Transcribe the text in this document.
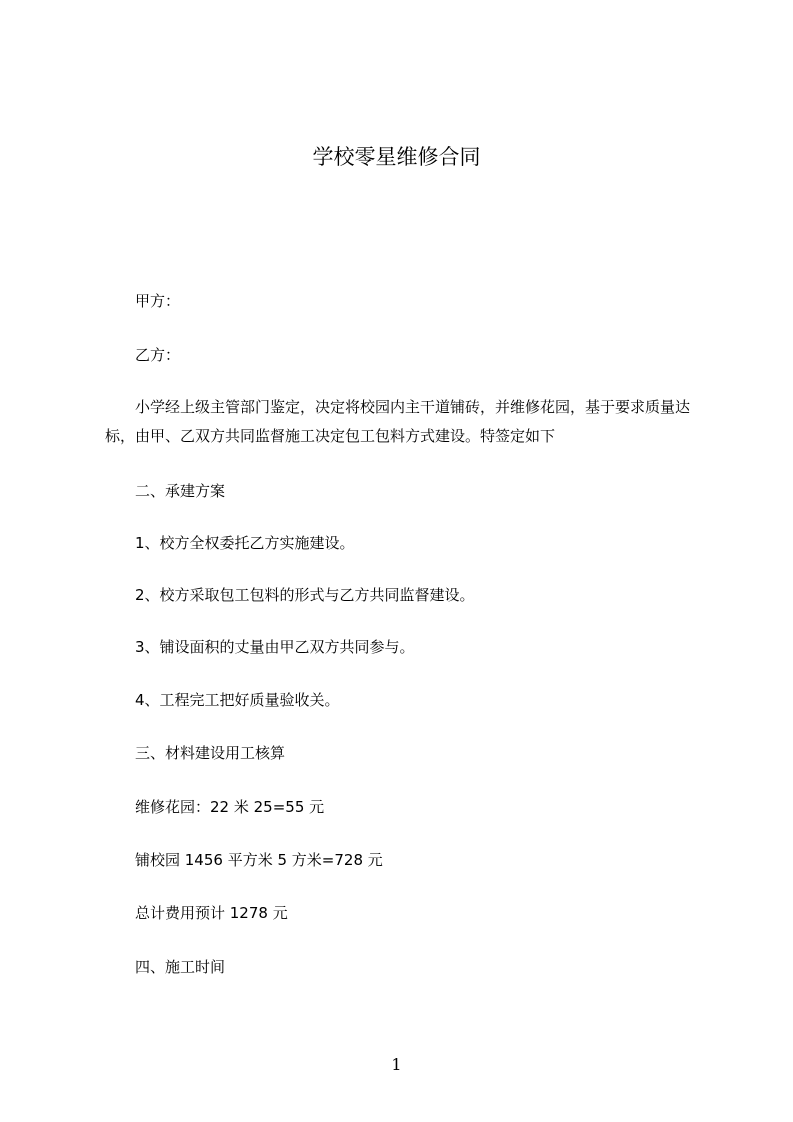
学校零星维修合同
甲方：
乙方：
小学经上级主管部门鉴定，决定将校园内主干道铺砖，并维修花园，基于要求质量达标，由甲、乙双方共同监督施工决定包工包料方式建设。特签定如下
二、承建方案
1、校方全权委托乙方实施建设。
2、校方采取包工包料的形式与乙方共同监督建设。
3、铺设面积的丈量由甲乙双方共同参与。
4、工程完工把好质量验收关。
三、材料建设用工核算
维修花园：22 米 25=55 元
铺校园 1456 平方米 5 方米=728 元
总计费用预计 1278 元
四、施工时间
1
